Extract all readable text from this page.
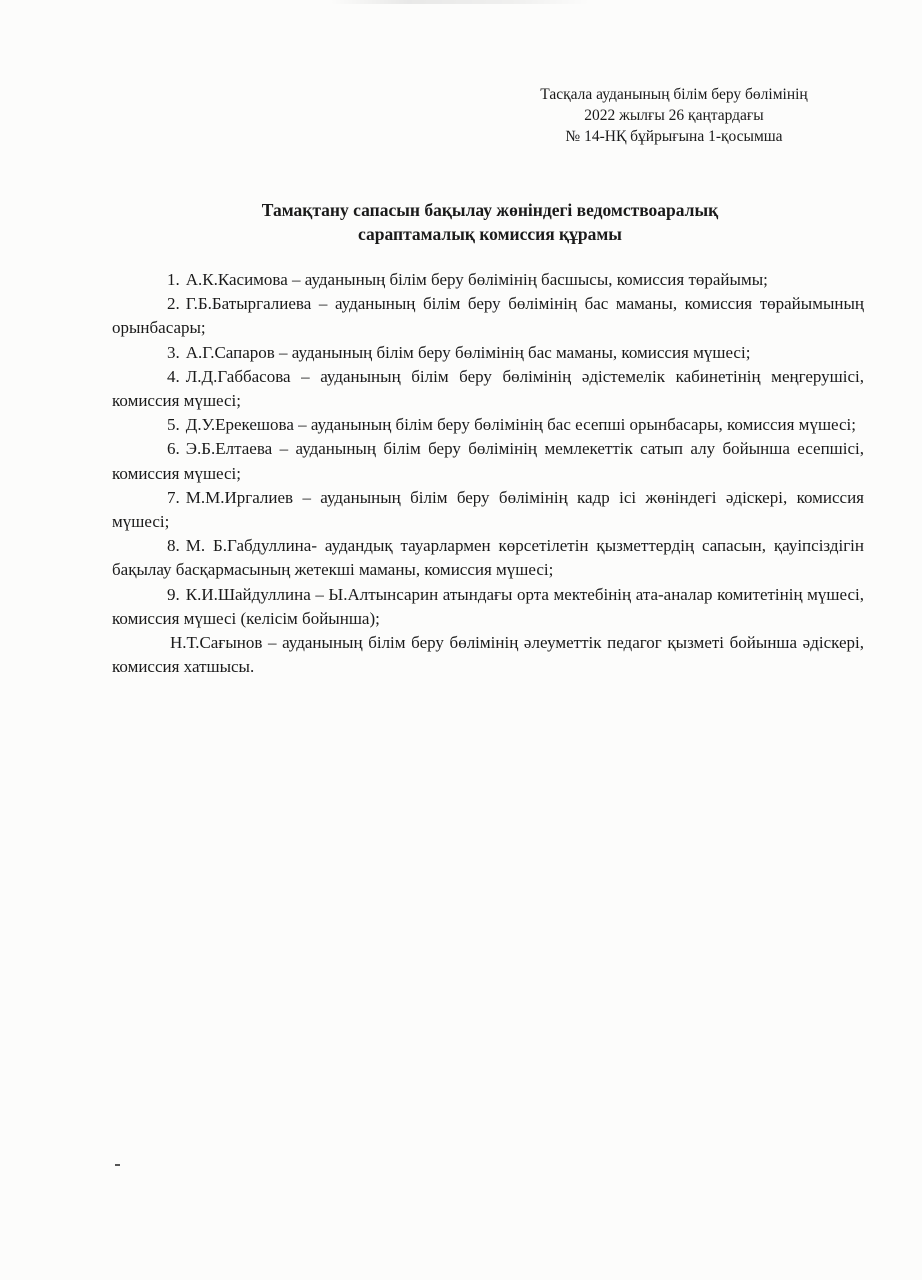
Тасқала ауданының білім беру бөлімінің
2022 жылғы 26 қаңтардағы
№ 14-НҚ бұйрығына 1-қосымша
Тамақтану сапасын бақылау жөніндегі ведомствоаралық
сараптамалық комиссия құрамы

1. А.К.Касимова – ауданының білім беру бөлімінің басшысы, комиссия төрайымы;

2. Г.Б.Батыргалиева – ауданының білім беру бөлімінің бас маманы, комиссия төрайымының орынбасары;

3. А.Г.Сапаров – ауданының білім беру бөлімінің бас маманы, комиссия мүшесі;

4. Л.Д.Габбасова – ауданының білім беру бөлімінің әдістемелік кабинетінің меңгерушісі, комиссия мүшесі;

5. Д.У.Ерекешова – ауданының білім беру бөлімінің бас есепші орынбасары, комиссия мүшесі;

6. Э.Б.Елтаева – ауданының білім беру бөлімінің мемлекеттік сатып алу бойынша есепшісі, комиссия мүшесі;

7. М.М.Иргалиев – ауданының білім беру бөлімінің кадр ісі жөніндегі әдіскері, комиссия мүшесі;

8. М. Б.Габдуллина- аудандық тауарлармен көрсетілетін қызметтердің сапасын, қауіпсіздігін бақылау басқармасының жетекші маманы, комиссия мүшесі;

9. К.И.Шайдуллина – Ы.Алтынсарин атындағы орта мектебінің ата-аналар комитетінің мүшесі, комиссия мүшесі (келісім бойынша);

Н.Т.Сағынов – ауданының білім беру бөлімінің әлеуметтік педагог қызметі бойынша әдіскері, комиссия хатшысы.
